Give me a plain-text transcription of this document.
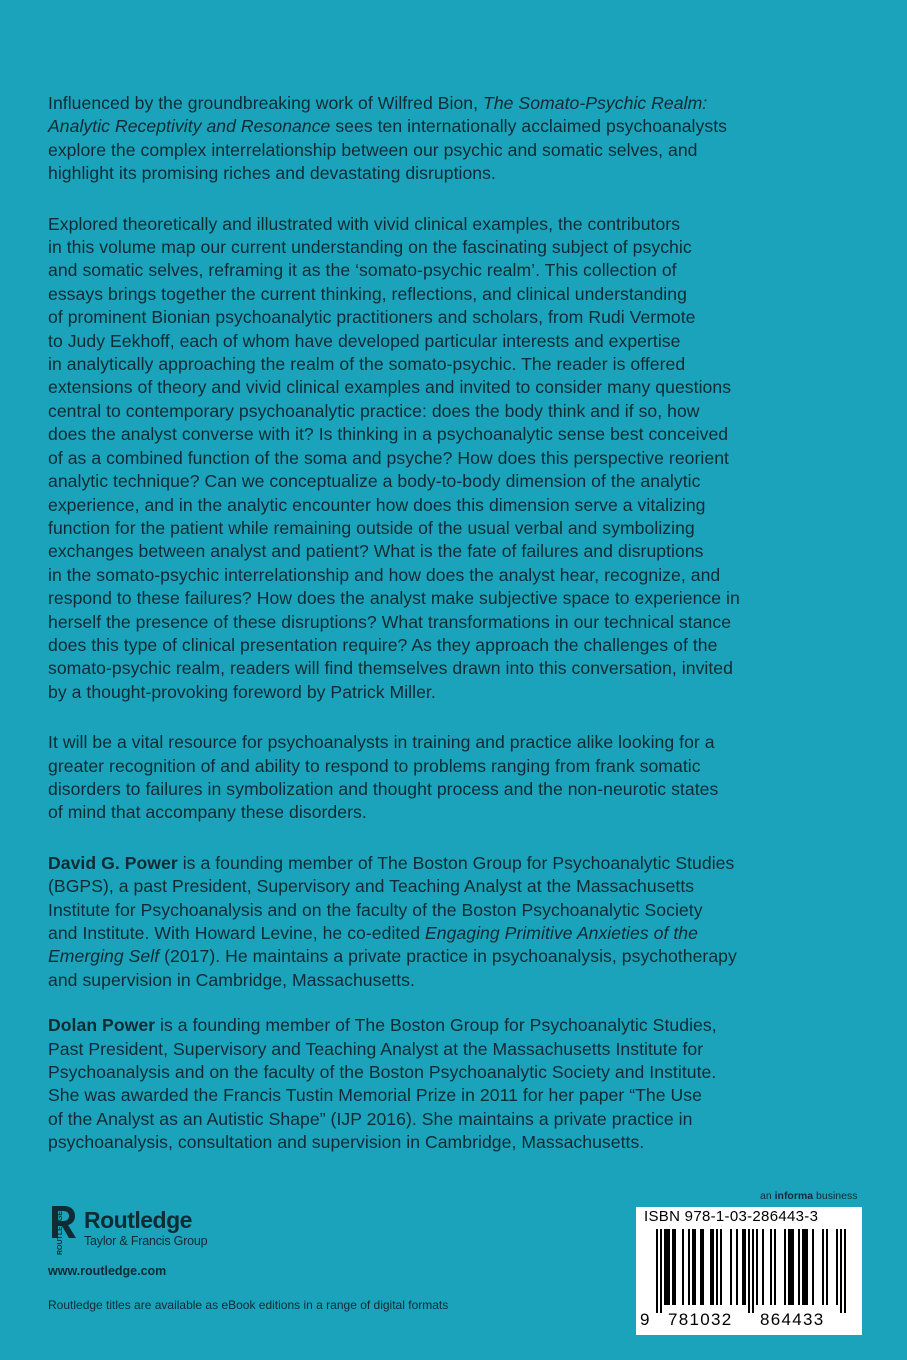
Influenced by the groundbreaking work of Wilfred Bion, The Somato-Psychic Realm:
Analytic Receptivity and Resonance sees ten internationally acclaimed psychoanalysts
explore the complex interrelationship between our psychic and somatic selves, and
highlight its promising riches and devastating disruptions.

Explored theoretically and illustrated with vivid clinical examples, the contributors
in this volume map our current understanding on the fascinating subject of psychic
and somatic selves, reframing it as the ‘somato-psychic realm’. This collection of
essays brings together the current thinking, reflections, and clinical understanding
of prominent Bionian psychoanalytic practitioners and scholars, from Rudi Vermote
to Judy Eekhoff, each of whom have developed particular interests and expertise
in analytically approaching the realm of the somato-psychic. The reader is offered
extensions of theory and vivid clinical examples and invited to consider many questions
central to contemporary psychoanalytic practice: does the body think and if so, how
does the analyst converse with it? Is thinking in a psychoanalytic sense best conceived
of as a combined function of the soma and psyche? How does this perspective reorient
analytic technique? Can we conceptualize a body-to-body dimension of the analytic
experience, and in the analytic encounter how does this dimension serve a vitalizing
function for the patient while remaining outside of the usual verbal and symbolizing
exchanges between analyst and patient? What is the fate of failures and disruptions
in the somato-psychic interrelationship and how does the analyst hear, recognize, and
respond to these failures? How does the analyst make subjective space to experience in
herself the presence of these disruptions? What transformations in our technical stance
does this type of clinical presentation require? As they approach the challenges of the
somato-psychic realm, readers will find themselves drawn into this conversation, invited
by a thought-provoking foreword by Patrick Miller.

It will be a vital resource for psychoanalysts in training and practice alike looking for a
greater recognition of and ability to respond to problems ranging from frank somatic
disorders to failures in symbolization and thought process and the non-neurotic states
of mind that accompany these disorders.

David G. Power is a founding member of The Boston Group for Psychoanalytic Studies
(BGPS), a past President, Supervisory and Teaching Analyst at the Massachusetts
Institute for Psychoanalysis and on the faculty of the Boston Psychoanalytic Society
and Institute. With Howard Levine, he co-edited Engaging Primitive Anxieties of the
Emerging Self (2017). He maintains a private practice in psychoanalysis, psychotherapy
and supervision in Cambridge, Massachusetts.

Dolan Power is a founding member of The Boston Group for Psychoanalytic Studies,
Past President, Supervisory and Teaching Analyst at the Massachusetts Institute for
Psychoanalysis and on the faculty of the Boston Psychoanalytic Society and Institute.
She was awarded the Francis Tustin Memorial Prize in 2011 for her paper “The Use
of the Analyst as an Autistic Shape” (IJP 2016). She maintains a private practice in
psychoanalysis, consultation and supervision in Cambridge, Massachusetts.

ROUTLEDGE Routledge
Taylor & Francis Group
www.routledge.com
Routledge titles are available as eBook editions in a range of digital formats
an informa business
ISBN 978-1-03-286443-3
9 781032 864433
